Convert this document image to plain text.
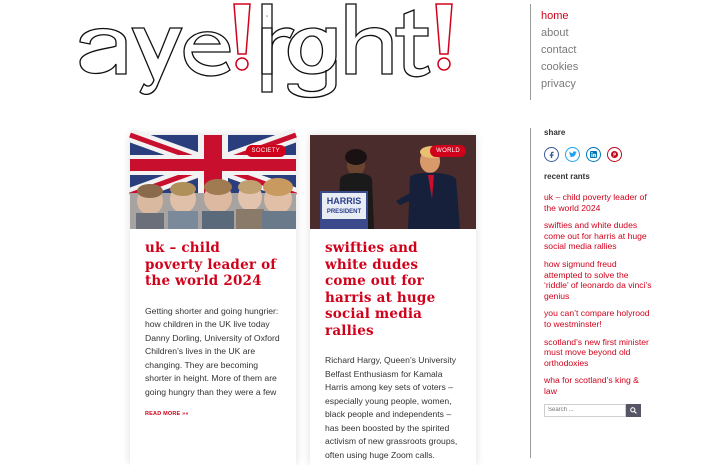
home
about
contact
cookies
privacy
SOCIETY
uk – child poverty leader of the world 2024

Getting shorter and going hungrier: how children in the UK live today Danny Dorling, University of Oxford Children’s lives in the UK are changing. They are becoming shorter in height. More of them are going hungry than they were a few

READ MORE »»
HARRIS
PRESIDENT
WORLD
swifties and white dudes come out for harris at huge social media rallies

Richard Hargy, Queen’s University Belfast Enthusiasm for Kamala Harris among key sets of voters – especially young people, women, black people and independents – has been boosted by the spirited activism of new grassroots groups, often using huge Zoom calls.

share
recent rants
uk – child poverty leader of the world 2024
swifties and white dudes come out for harris at huge social media rallies
how sigmund freud attempted to solve the ‘riddle’ of leonardo da vinci’s genius
you can’t compare holyrood to westminster!
scotland’s new first minister must move beyond old orthodoxies
wha for scotland’s king & law
Search ...
